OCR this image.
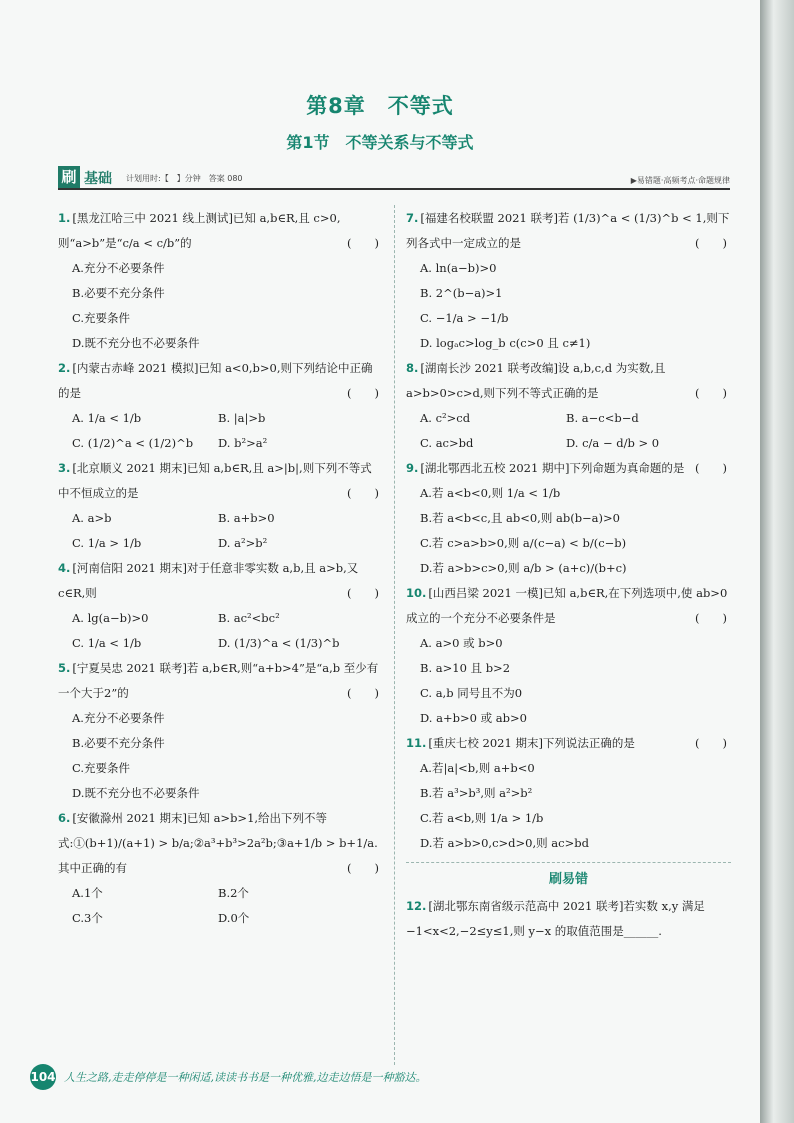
第8章　不等式
第1节　不等关系与不等式
刷 基础 计划用时:【　】分钟　答案 080	▶易错题·高频考点·命题规律
1. [黑龙江哈三中 2021 线上测试]已知 a,b∈R,且 c>0,则“a>b”是“c/a < c/b”的	(　　)
A.充分不必要条件
B.必要不充分条件
C.充要条件
D.既不充分也不必要条件
2. [内蒙古赤峰 2021 模拟]已知 a<0,b>0,则下列结论中正确的是	(　　)
A. 1/a < 1/b	B. |a|>b
C. (1/2)^a < (1/2)^b	D. b²>a²
3. [北京顺义 2021 期末]已知 a,b∈R,且 a>|b|,则下列不等式中不恒成立的是	(　　)
A. a>b	B. a+b>0
C. 1/a > 1/b	D. a²>b²
4. [河南信阳 2021 期末]对于任意非零实数 a,b,且 a>b,又 c∈R,则	(　　)
A. lg(a−b)>0	B. ac²<bc²
C. 1/a < 1/b	D. (1/3)^a < (1/3)^b
5. [宁夏吴忠 2021 联考]若 a,b∈R,则“a+b>4”是“a,b 至少有一个大于2”的	(　　)
A.充分不必要条件
B.必要不充分条件
C.充要条件
D.既不充分也不必要条件
6. [安徽滁州 2021 期末]已知 a>b>1,给出下列不等式:①(b+1)/(a+1) > b/a;②a³+b³>2a²b;③a+1/b > b+1/a.其中正确的有	(　　)
A.1个	B.2个
C.3个	D.0个
7. [福建名校联盟 2021 联考]若 (1/3)^a < (1/3)^b < 1,则下列各式中一定成立的是	(　　)
A. ln(a−b)>0
B. 2^(b−a)>1
C. −1/a > −1/b
D. logₐc>log_b c(c>0 且 c≠1)
8. [湖南长沙 2021 联考改编]设 a,b,c,d 为实数,且 a>b>0>c>d,则下列不等式正确的是	(　　)
A. c²>cd	B. a−c<b−d
C. ac>bd	D. c/a − d/b > 0
9. [湖北鄂西北五校 2021 期中]下列命题为真命题的是 (　　)
A.若 a<b<0,则 1/a < 1/b
B.若 a<b<c,且 ab<0,则 ab(b−a)>0
C.若 c>a>b>0,则 a/(c−a) < b/(c−b)
D.若 a>b>c>0,则 a/b > (a+c)/(b+c)
10. [山西吕梁 2021 一模]已知 a,b∈R,在下列选项中,使 ab>0 成立的一个充分不必要条件是	(　　)
A. a>0 或 b>0
B. a>10 且 b>2
C. a,b 同号且不为0
D. a+b>0 或 ab>0
11. [重庆七校 2021 期末]下列说法正确的是	(　　)
A.若|a|<b,则 a+b<0
B.若 a³>b³,则 a²>b²
C.若 a<b,则 1/a > 1/b
D.若 a>b>0,c>d>0,则 ac>bd
刷易错
12. [湖北鄂东南省级示范高中 2021 联考]若实数 x,y 满足 −1<x<2,−2≤y≤1,则 y−x 的取值范围是______.
104 人生之路,走走停停是一种闲适,读读书书是一种优雅,边走边悟是一种豁达。
